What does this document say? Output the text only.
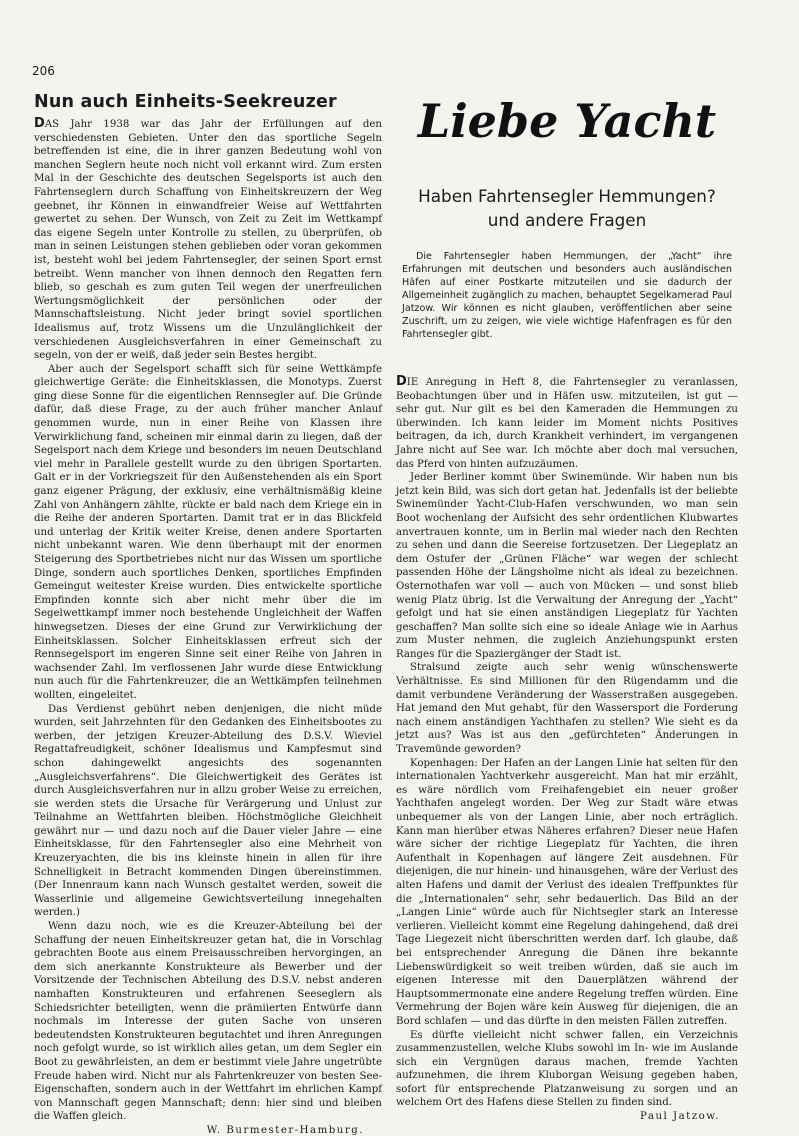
206
Nun auch Einheits-Seekreuzer

DAS Jahr 1938 war das Jahr der Erfüllungen auf den verschiedensten Gebieten. Unter den das sportliche Segeln betreffenden ist eine, die in ihrer ganzen Bedeutung wohl von manchen Seglern heute noch nicht voll erkannt wird. Zum ersten Mal in der Geschichte des deutschen Segelsports ist auch den Fahrtenseglern durch Schaffung von Einheitskreuzern der Weg geebnet, ihr Können in einwandfreier Weise auf Wettfahrten gewertet zu sehen. Der Wunsch, von Zeit zu Zeit im Wettkampf das eigene Segeln unter Kontrolle zu stellen, zu überprüfen, ob man in seinen Leistungen stehen geblieben oder voran gekommen ist, besteht wohl bei jedem Fahrtensegler, der seinen Sport ernst betreibt. Wenn mancher von ihnen dennoch den Regatten fern blieb, so geschah es zum guten Teil wegen der unerfreulichen Wertungsmöglichkeit der persönlichen oder der Mannschaftsleistung. Nicht jeder bringt soviel sportlichen Idealismus auf, trotz Wissens um die Unzulänglichkeit der verschiedenen Ausgleichsverfahren in einer Gemeinschaft zu segeln, von der er weiß, daß jeder sein Bestes hergibt.

Aber auch der Segelsport schafft sich für seine Wettkämpfe gleichwertige Geräte: die Einheitsklassen, die Monotyps. Zuerst ging diese Sonne für die eigentlichen Rennsegler auf. Die Gründe dafür, daß diese Frage, zu der auch früher mancher Anlauf genommen wurde, nun in einer Reihe von Klassen ihre Verwirklichung fand, scheinen mir einmal darin zu liegen, daß der Segelsport nach dem Kriege und besonders im neuen Deutschland viel mehr in Parallele gestellt wurde zu den übrigen Sportarten. Galt er in der Vorkriegszeit für den Außenstehenden als ein Sport ganz eigener Prägung, der exklusiv, eine verhältnismäßig kleine Zahl von Anhängern zählte, rückte er bald nach dem Kriege ein in die Reihe der anderen Sportarten. Damit trat er in das Blickfeld und unterlag der Kritik weiter Kreise, denen andere Sportarten nicht unbekannt waren. Wie denn überhaupt mit der enormen Steigerung des Sportbetriebes nicht nur das Wissen um sportliche Dinge, sondern auch sportliches Denken, sportliches Empfinden Gemeingut weitester Kreise wurden. Dies entwickelte sportliche Empfinden konnte sich aber nicht mehr über die im Segelwettkampf immer noch bestehende Ungleichheit der Waffen hinwegsetzen. Dieses der eine Grund zur Verwirklichung der Einheitsklassen. Solcher Einheitsklassen erfreut sich der Rennsegelsport im engeren Sinne seit einer Reihe von Jahren in wachsender Zahl. Im verflossenen Jahr wurde diese Entwicklung nun auch für die Fahrtenkreuzer, die an Wettkämpfen teilnehmen wollten, eingeleitet.

Das Verdienst gebührt neben denjenigen, die nicht müde wurden, seit Jahrzehnten für den Gedanken des Einheitsbootes zu werben, der jetzigen Kreuzer-Abteilung des D.S.V. Wieviel Regattafreudigkeit, schöner Idealismus und Kampfesmut sind schon dahingewelkt angesichts des sogenannten „Ausgleichsverfahrens“. Die Gleichwertigkeit des Gerätes ist durch Ausgleichsverfahren nur in allzu grober Weise zu erreichen, sie werden stets die Ursache für Verärgerung und Unlust zur Teilnahme an Wettfahrten bleiben. Höchstmögliche Gleichheit gewährt nur — und dazu noch auf die Dauer vieler Jahre — eine Einheitsklasse, für den Fahrtensegler also eine Mehrheit von Kreuzeryachten, die bis ins kleinste hinein in allen für ihre Schnelligkeit in Betracht kommenden Dingen übereinstimmen. (Der Innenraum kann nach Wunsch gestaltet werden, soweit die Wasserlinie und allgemeine Gewichtsverteilung innegehalten werden.)

Wenn dazu noch, wie es die Kreuzer-Abteilung bei der Schaffung der neuen Einheitskreuzer getan hat, die in Vorschlag gebrachten Boote aus einem Preisausschreiben hervorgingen, an dem sich anerkannte Konstrukteure als Bewerber und der Vorsitzende der Technischen Abteilung des D.S.V. nebst anderen namhaften Konstrukteuren und erfahrenen Seeseglern als Schiedsrichter beteiligten, wenn die prämiierten Entwürfe dann nochmals im Interesse der guten Sache von unseren bedeutendsten Konstrukteuren begutachtet und ihren Anregungen noch gefolgt wurde, so ist wirklich alles getan, um dem Segler ein Boot zu gewährleisten, an dem er bestimmt viele Jahre ungetrübte Freude haben wird. Nicht nur als Fahrtenkreuzer von besten See-Eigenschaften, sondern auch in der Wettfahrt im ehrlichen Kampf von Mannschaft gegen Mannschaft; denn: hier sind und bleiben die Waffen gleich.

W. Burmester-Hamburg.
Liebe Yacht
Haben Fahrtensegler Hemmungen?
und andere Fragen

Die Fahrtensegler haben Hemmungen, der „Yacht“ ihre Erfahrungen mit deutschen und besonders auch ausländischen Häfen auf einer Postkarte mitzuteilen und sie dadurch der Allgemeinheit zugänglich zu machen, behauptet Segelkamerad Paul Jatzow. Wir können es nicht glauben, veröffentlichen aber seine Zuschrift, um zu zeigen, wie viele wichtige Hafenfragen es für den Fahrtensegler gibt.

DIE Anregung in Heft 8, die Fahrtensegler zu veranlassen, Beobachtungen über und in Häfen usw. mitzuteilen, ist gut — sehr gut. Nur gilt es bei den Kameraden die Hemmungen zu überwinden. Ich kann leider im Moment nichts Positives beitragen, da ich, durch Krankheit verhindert, im vergangenen Jahre nicht auf See war. Ich möchte aber doch mal versuchen, das Pferd von hinten aufzuzäumen.

Jeder Berliner kommt über Swinemünde. Wir haben nun bis jetzt kein Bild, was sich dort getan hat. Jedenfalls ist der beliebte Swinemünder Yacht-Club-Hafen verschwunden, wo man sein Boot wochenlang der Aufsicht des sehr ordentlichen Klubwartes anvertrauen konnte, um in Berlin mal wieder nach den Rechten zu sehen und dann die Seereise fortzusetzen. Der Liegeplatz an dem Ostufer der „Grünen Fläche“ war wegen der schlecht passenden Höhe der Längsholme nicht als ideal zu bezeichnen. Osternothafen war voll — auch von Mücken — und sonst blieb wenig Platz übrig. Ist die Verwaltung der Anregung der „Yacht“ gefolgt und hat sie einen anständigen Liegeplatz für Yachten geschaffen? Man sollte sich eine so ideale Anlage wie in Aarhus zum Muster nehmen, die zugleich Anziehungspunkt ersten Ranges für die Spaziergänger der Stadt ist.

Stralsund zeigte auch sehr wenig wünschenswerte Verhältnisse. Es sind Millionen für den Rügendamm und die damit verbundene Veränderung der Wasserstraßen ausgegeben. Hat jemand den Mut gehabt, für den Wassersport die Forderung nach einem anständigen Yachthafen zu stellen? Wie sieht es da jetzt aus? Was ist aus den „gefürchteten“ Änderungen in Travemünde geworden?

Kopenhagen: Der Hafen an der Langen Linie hat selten für den internationalen Yachtverkehr ausgereicht. Man hat mir erzählt, es wäre nördlich vom Freihafengebiet ein neuer großer Yachthafen angelegt worden. Der Weg zur Stadt wäre etwas unbequemer als von der Langen Linie, aber noch erträglich. Kann man hierüber etwas Näheres erfahren? Dieser neue Hafen wäre sicher der richtige Liegeplatz für Yachten, die ihren Aufenthalt in Kopenhagen auf längere Zeit ausdehnen. Für diejenigen, die nur hinein- und hinausgehen, wäre der Verlust des alten Hafens und damit der Verlust des idealen Treffpunktes für die „Internationalen“ sehr, sehr bedauerlich. Das Bild an der „Langen Linie“ würde auch für Nichtsegler stark an Interesse verlieren. Vielleicht kommt eine Regelung dahingehend, daß drei Tage Liegezeit nicht überschritten werden darf. Ich glaube, daß bei entsprechender Anregung die Dänen ihre bekannte Liebenswürdigkeit so weit treiben würden, daß sie auch im eigenen Interesse mit den Dauerplätzen während der Hauptsommermonate eine andere Regelung treffen würden. Eine Vermehrung der Bojen wäre kein Ausweg für diejenigen, die an Bord schlafen — und das dürfte in den meisten Fällen zutreffen.

Es dürfte vielleicht nicht schwer fallen, ein Verzeichnis zusammenzustellen, welche Klubs sowohl im In- wie im Auslande sich ein Vergnügen daraus machen, fremde Yachten aufzunehmen, die ihrem Kluborgan Weisung gegeben haben, sofort für entsprechende Platzanweisung zu sorgen und an welchem Ort des Hafens diese Stellen zu finden sind.

Paul Jatzow.
